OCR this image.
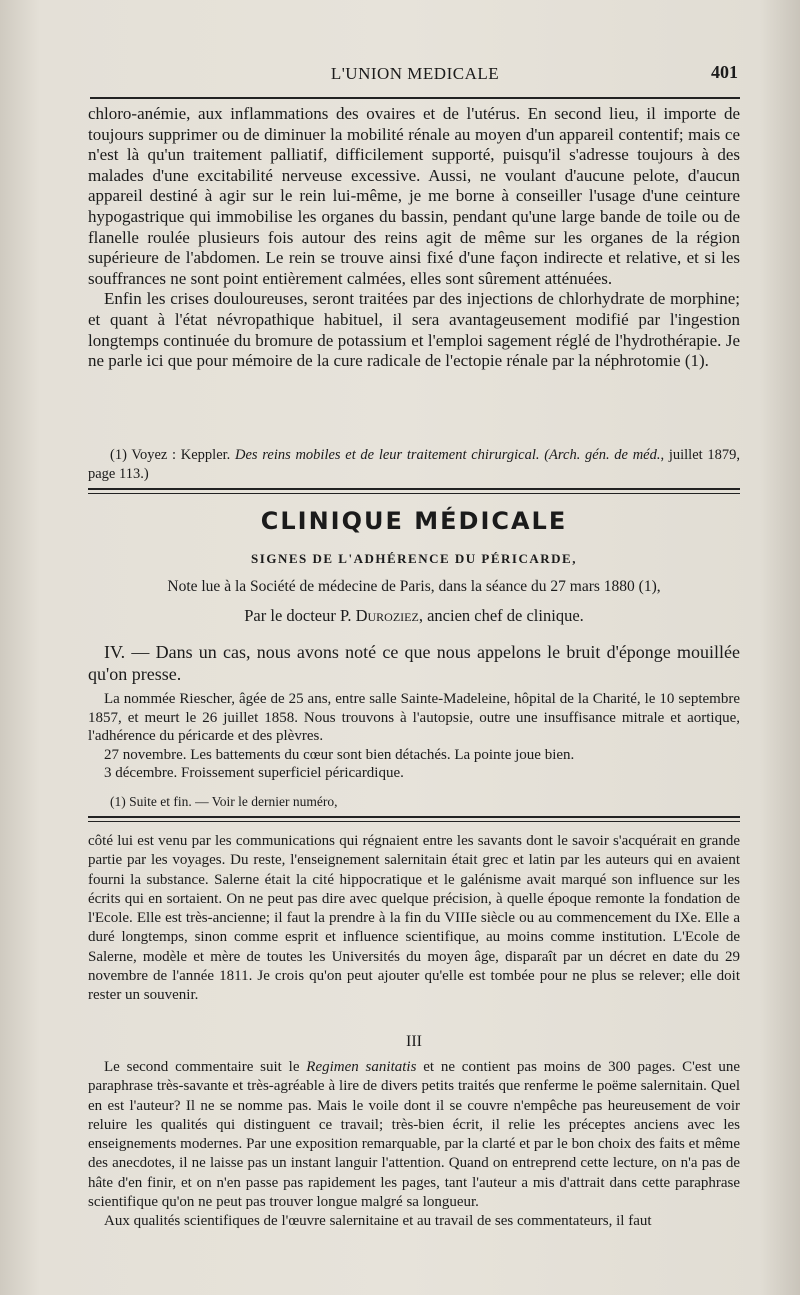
L'UNION MEDICALE	401

chloro-anémie, aux inflammations des ovaires et de l'utérus. En second lieu, il importe de toujours supprimer ou de diminuer la mobilité rénale au moyen d'un appareil contentif; mais ce n'est là qu'un traitement palliatif, difficilement supporté, puisqu'il s'adresse toujours à des malades d'une excitabilité nerveuse excessive. Aussi, ne voulant d'aucune pelote, d'aucun appareil destiné à agir sur le rein lui-même, je me borne à conseiller l'usage d'une ceinture hypogastrique qui immobilise les organes du bassin, pendant qu'une large bande de toile ou de flanelle roulée plusieurs fois autour des reins agit de même sur les organes de la région supérieure de l'abdomen. Le rein se trouve ainsi fixé d'une façon indirecte et relative, et si les souffrances ne sont point entièrement calmées, elles sont sûrement atténuées.

Enfin les crises douloureuses, seront traitées par des injections de chlorhydrate de morphine; et quant à l'état névropathique habituel, il sera avantageusement modifié par l'ingestion longtemps continuée du bromure de potassium et l'emploi sagement réglé de l'hydrothérapie. Je ne parle ici que pour mémoire de la cure radicale de l'ectopie rénale par la néphrotomie (1).

(1) Voyez : Keppler. Des reins mobiles et de leur traitement chirurgical. (Arch. gén. de méd., juillet 1879, page 113.)

CLINIQUE MÉDICALE
SIGNES DE L'ADHÉRENCE DU PÉRICARDE,
Note lue à la Société de médecine de Paris, dans la séance du 27 mars 1880 (1),
Par le docteur P. Duroziez, ancien chef de clinique.

IV. — Dans un cas, nous avons noté ce que nous appelons le bruit d'éponge mouillée qu'on presse.

La nommée Riescher, âgée de 25 ans, entre salle Sainte-Madeleine, hôpital de la Charité, le 10 septembre 1857, et meurt le 26 juillet 1858. Nous trouvons à l'autopsie, outre une insuffisance mitrale et aortique, l'adhérence du péricarde et des plèvres.

27 novembre. Les battements du cœur sont bien détachés. La pointe joue bien.

3 décembre. Froissement superficiel péricardique.

(1) Suite et fin. — Voir le dernier numéro,

côté lui est venu par les communications qui régnaient entre les savants dont le savoir s'acquérait en grande partie par les voyages. Du reste, l'enseignement salernitain était grec et latin par les auteurs qui en avaient fourni la substance. Salerne était la cité hippocratique et le galénisme avait marqué son influence sur les écrits qui en sortaient. On ne peut pas dire avec quelque précision, à quelle époque remonte la fondation de l'Ecole. Elle est très-ancienne; il faut la prendre à la fin du VIIIe siècle ou au commencement du IXe. Elle a duré longtemps, sinon comme esprit et influence scientifique, au moins comme institution. L'Ecole de Salerne, modèle et mère de toutes les Universités du moyen âge, disparaît par un décret en date du 29 novembre de l'année 1811. Je crois qu'on peut ajouter qu'elle est tombée pour ne plus se relever; elle doit rester un souvenir.

III

Le second commentaire suit le Regimen sanitatis et ne contient pas moins de 300 pages. C'est une paraphrase très-savante et très-agréable à lire de divers petits traités que renferme le poëme salernitain. Quel en est l'auteur? Il ne se nomme pas. Mais le voile dont il se couvre n'empêche pas heureusement de voir reluire les qualités qui distinguent ce travail; très-bien écrit, il relie les préceptes anciens avec les enseignements modernes. Par une exposition remarquable, par la clarté et par le bon choix des faits et même des anecdotes, il ne laisse pas un instant languir l'attention. Quand on entreprend cette lecture, on n'a pas de hâte d'en finir, et on n'en passe pas rapidement les pages, tant l'auteur a mis d'attrait dans cette paraphrase scientifique qu'on ne peut pas trouver longue malgré sa longueur.

Aux qualités scientifiques de l'œuvre salernitaine et au travail de ses commentateurs, il faut
